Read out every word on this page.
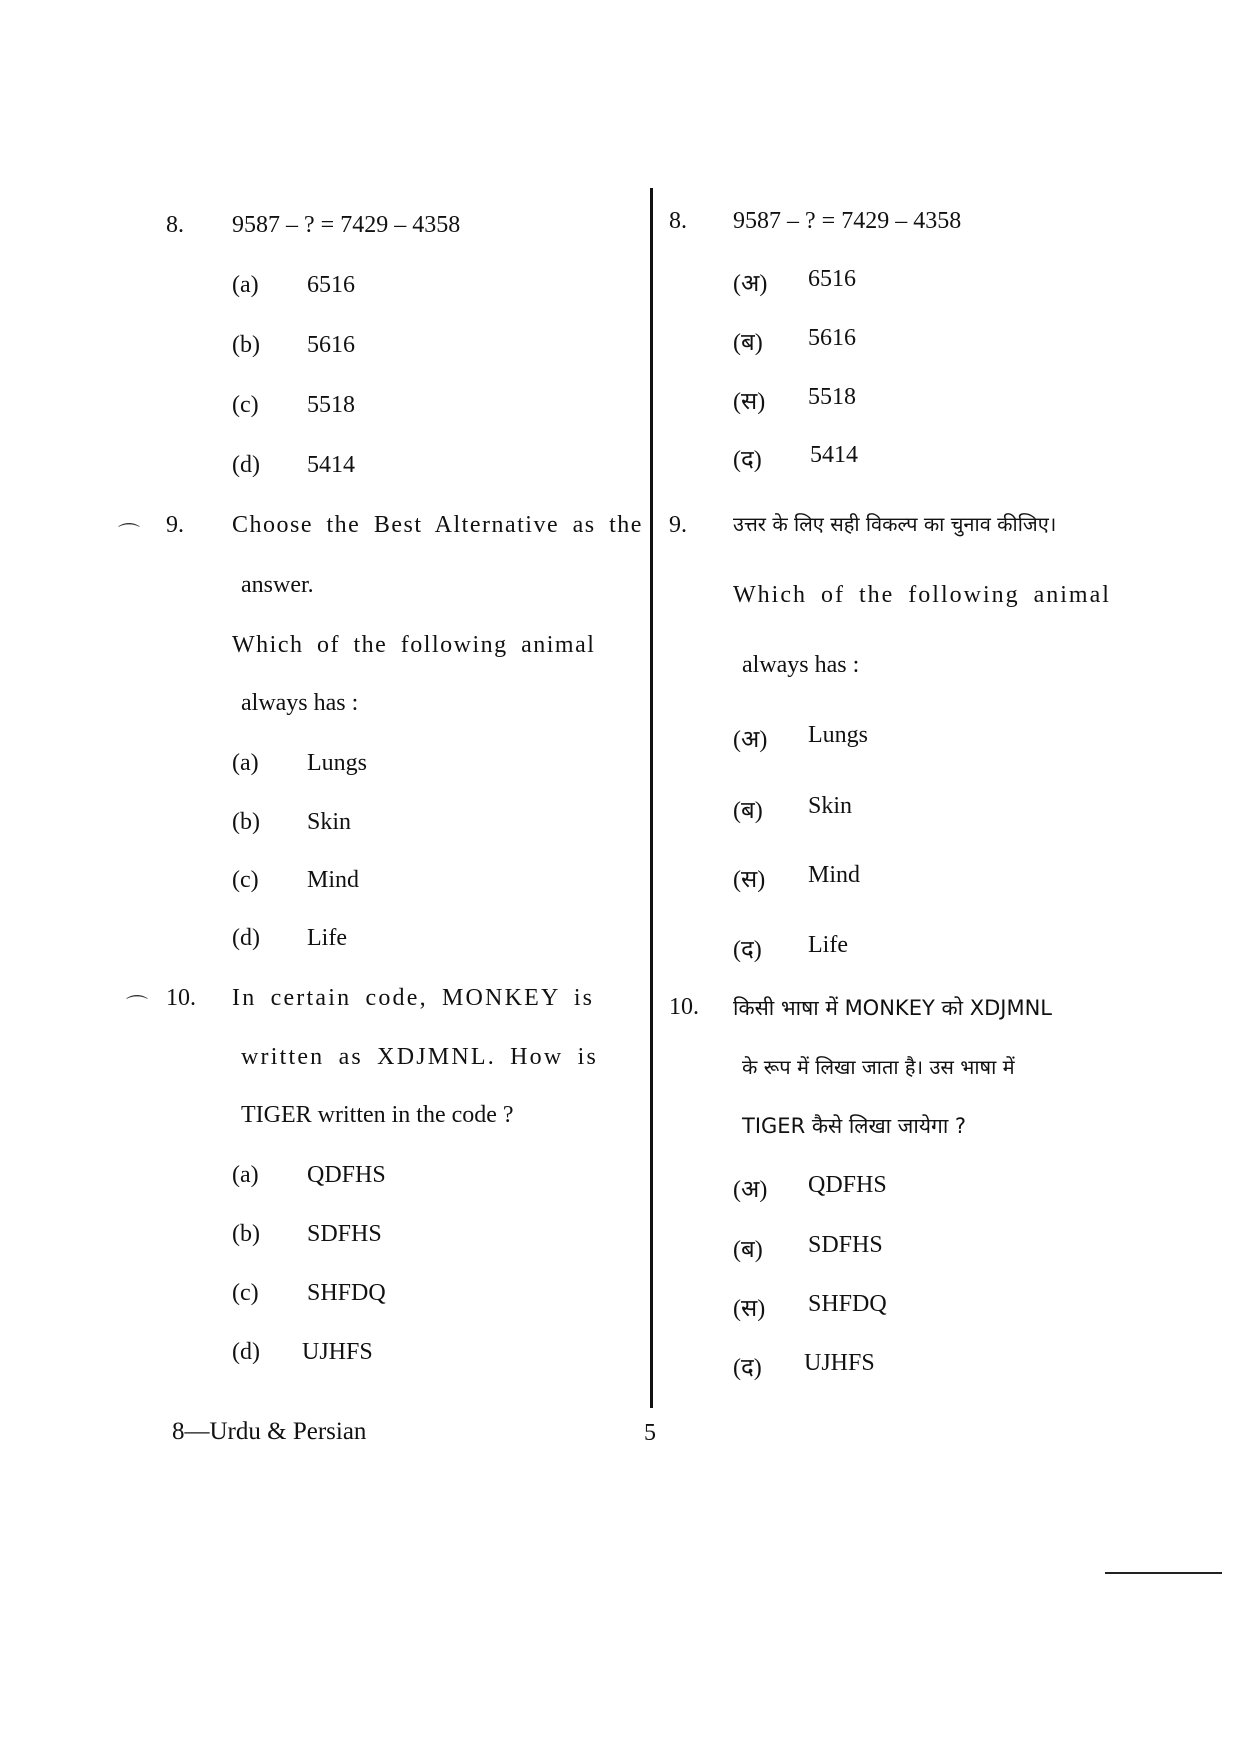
8. 9587 – ? = 7429 – 4358
(a) 6516
(b) 5616
(c) 5518
(d) 5414
⌒ 9. Choose the Best Alternative as the
answer.
Which of the following animal
always has :
(a) Lungs
(b) Skin
(c) Mind
(d) Life
⌒ 10. In certain code, MONKEY is
written as XDJMNL. How is
TIGER written in the code ?
(a) QDFHS
(b) SDFHS
(c) SHFDQ
(d) UJHFS
8. 9587 – ? = 7429 – 4358
(अ) 6516
(ब) 5616
(स) 5518
(द) 5414
9. उत्तर के लिए सही विकल्प का चुनाव कीजिए।
Which of the following animal
always has :
(अ) Lungs
(ब) Skin
(स) Mind
(द) Life
10. किसी भाषा में MONKEY को XDJMNL
के रूप में लिखा जाता है। उस भाषा में
TIGER कैसे लिखा जायेगा ?
(अ) QDFHS
(ब) SDFHS
(स) SHFDQ
(द) UJHFS
8—Urdu & Persian	5
